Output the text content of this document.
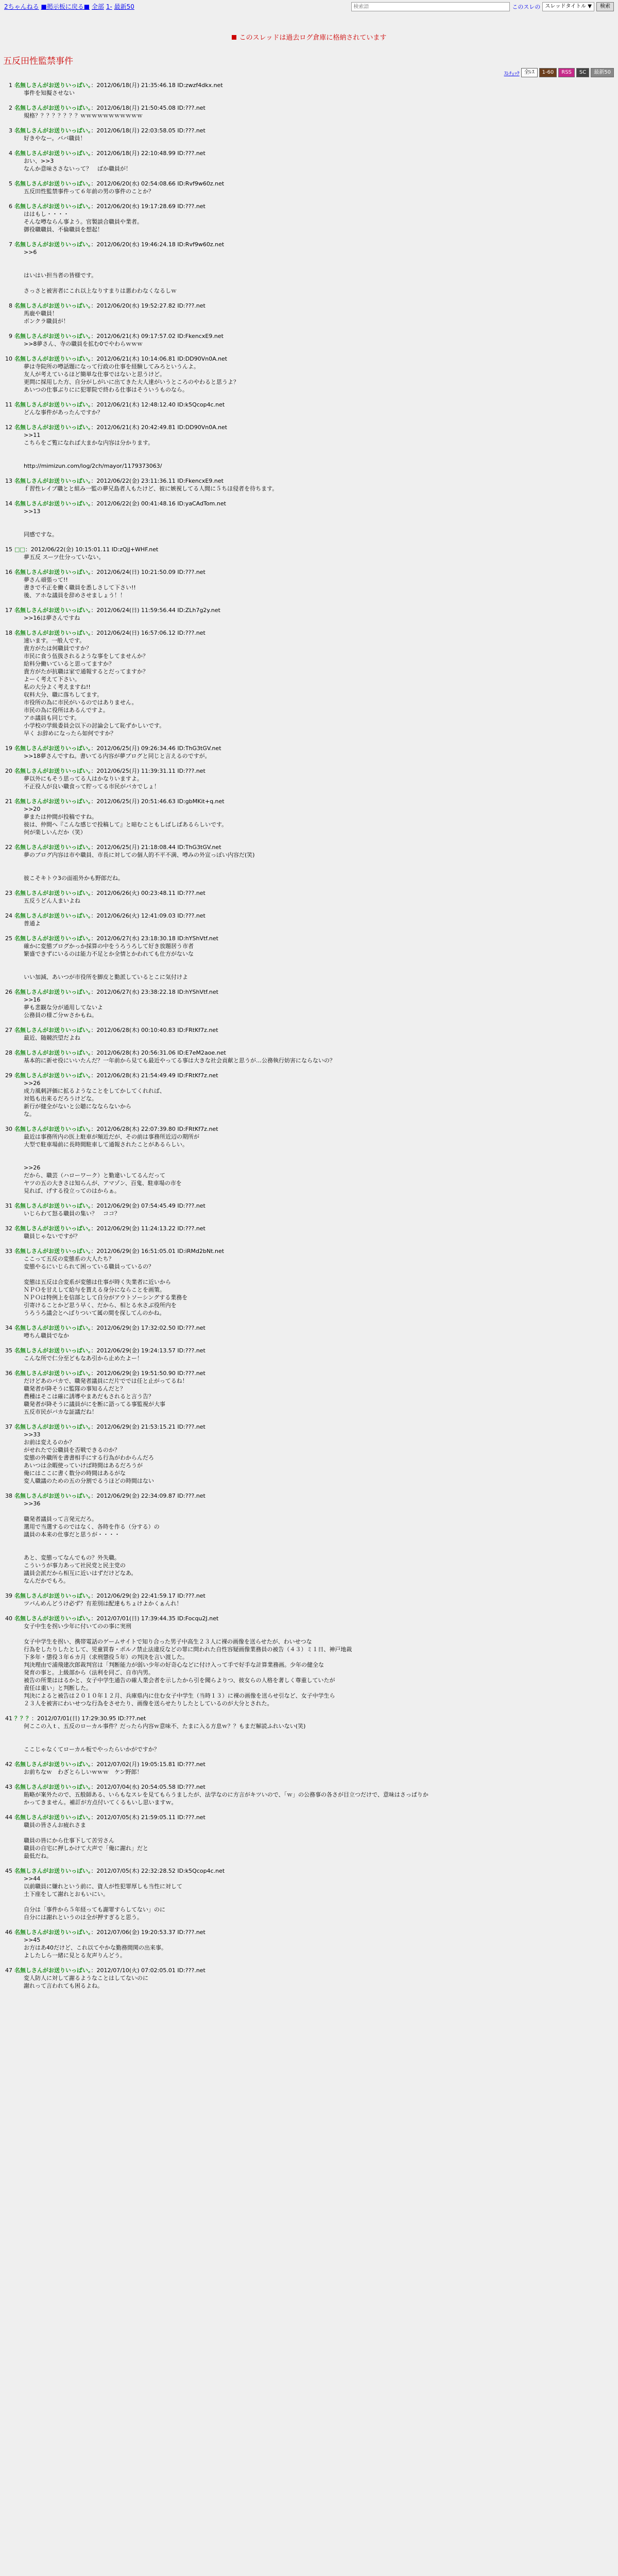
2ちゃんねる ■掲示板に戻る■ 全部 1- 最新50
検索語	このスレの スレッドタイトル ▼	検索
このスレッドは過去ログ倉庫に格納されています
五反田性監禁事件
ｽﾚﾁｪｯｸ 全ﾚｽ	1-60	RSS	SC	最新50
1 名無しさんがお送りいっぱい。：2012/06/18(月) 21:35:46.18 ID:zwzf4dkx.net
事件を知擬させない
2 名無しさんがお送りいっぱい。：2012/06/18(月) 21:50:45.08 ID:???.net
規格？？？？？？？？ｗｗｗｗｗｗｗｗｗｗｗ
3 名無しさんがお送りいっぱい。：2012/06/18(月) 22:03:58.05 ID:???.net
好きやなー。ババ職員！
4 名無しさんがお送りいっぱい。：2012/06/18(月) 22:10:48.99 ID:???.net
おい、>>3
なんか意味ささないって？　ばか職員が！
5 名無しさんがお送りいっぱい。：2012/06/20(水) 02:54:08.66 ID:Rvf9w60z.net
五反田性監禁事件って６年前の男の事件のことか？
6 名無しさんがお送りいっぱい。：2012/06/20(水) 19:17:28.69 ID:???.net
ははもし・・・・
そんな噂ならん事よう。官製談合職員や業者。
御役職職員、不倫職員を想起！
7 名無しさんがお送りいっぱい。：2012/06/20(水) 19:46:24.18 ID:Rvf9w60z.net
>>6

はいはい担当者の皆様です。

さっさと被害者にこれ以上なりすまりは悪わわなくなるしｗ
8 名無しさんがお送りいっぱい。：2012/06/20(水) 19:52:27.82 ID:???.net
馬鹿や職員！
ボンクラ職員が！
9 名無しさんがお送りいっぱい。：2012/06/21(木) 09:17:57.02 ID:FkencxE9.net
>>8夢さん、寺の職員を拡む0でやわらｗｗｗ
10 名無しさんがお送りいっぱい。：2012/06/21(木) 10:14:06.81 ID:DD90Vn0A.net
夢は寺院所の噂話題になって行政の仕事を経験してみろというんよ。
友人が考えているほど簡単な仕事ではないと思うけど。
更問に採用した方、自分がしがいに出てきた大人達がいうところのやわると思うよ？
あいつの仕事ぶりにに犯罪院で終わる仕事はそういうものなら。
11 名無しさんがお送りいっぱい。：2012/06/21(木) 12:48:12.40 ID:k5Qcop4c.net
どんな事件があったんですか？
12 名無しさんがお送りいっぱい。：2012/06/21(木) 20:42:49.81 ID:DD90Vn0A.net
>>11
こちらをご覧になれば大まかな内容は分かります。

http://mimizun.com/log/2ch/mayor/1179373063/
13 名無しさんがお送りいっぱい。：2012/06/22(金) 23:11:36.11 ID:FkencxE9.net
ｆ習性レイプ職とと組み一監の夢兄島者人もたけど、彼に嫉視してる人間に５ちほ侵者を待ちます。
14 名無しさんがお送りいっぱい。：2012/06/22(金) 00:41:48.16 ID:yaCAdTom.net
>>13

同感ですな。
15 □□：2012/06/22(金) 10:15:01.11 ID:zQjJ+WHF.net
夢五反 スーツ仕分っていない。
16 名無しさんがお送りいっぱい。：2012/06/24(日) 10:21:50.09 ID:???.net
夢さん頑張って!!
書きで不正を働く職員を悉しさして下さい!!
後、アホな議員を辞めさせましょう！！
17 名無しさんがお送りいっぱい。：2012/06/24(日) 11:59:56.44 ID:ZLh7g2y.net
>>16は夢さんですね
18 名無しさんがお送りいっぱい。：2012/06/24(日) 16:57:06.12 ID:???.net
速います。一般人です。
貴方がたは何職員ですか？
市民に食う伍扱されるような事をしてませんか？
給料分働いていると思ってますか？
貴方がたが抗職は家で通報するとだってますか？
よーく考えて下さい。
私の大分よく考えますね!!
収料大分、職に落ちしてます。
市役所の為に市民がいるのではありません。
市民の為に役所はあるんですよ。
アホ議員も同じです。
小学校の学級委員会以下の討論会して恥ずかしいです。
早く お辞めになったら如何ですか？
19 名無しさんがお送りいっぱい。：2012/06/25(月) 09:26:34.46 ID:ThG3tGV.net
>>18夢さんですね。書いてる内容が夢ブログと同じと言えるのですが。
20 名無しさんがお送りいっぱい。：2012/06/25(月) 11:39:31.11 ID:???.net
夢以外にもそう思ってる人はかなりいますよ。
不正役人が良い職食って貯ってる市民がバカでしょ！
21 名無しさんがお送りいっぱい。：2012/06/25(月) 20:51:46.63 ID:gbMKit+q.net
>>20
夢または仲間が投稿ですね。
彼は、仲間へ『こんな感じで投稿して』と暗むこともしばしばあるらしいです。
何が楽しいんだか（笑）
22 名無しさんがお送りいっぱい。：2012/06/25(月) 21:18:08.44 ID:ThG3tGV.net
夢のブログ内容は市や職員、市長に対しての個人的不平不満、噂みの外宣っぽい内容だ(笑)

彼こそキトウ3の面祖外かも野郎だね。
23 名無しさんがお送りいっぱい。：2012/06/26(火) 00:23:48.11 ID:???.net
五反うどん人まいよね
24 名無しさんがお送りいっぱい。：2012/06/26(火) 12:41:09.03 ID:???.net
普通よ
25 名無しさんがお送りいっぱい。：2012/06/27(水) 23:18:30.18 ID:hYShVtf.net
確かに変態ブログかっか採算の中をうろうろして好き放題居う市者
繁盛できずにいるのは能力不足とか全情とかわれても仕方がないな

いい加減、あいつが市役所を脚皮と勤派しているとこに気付けよ
26 名無しさんがお送りいっぱい。：2012/06/27(水) 23:38:22.18 ID:hYShVtf.net
>>16
夢も悲観な分が通用してないよ
公務員の様ご分ｗさかもね。
27 名無しさんがお送りいっぱい。：2012/06/28(木) 00:10:40.83 ID:FRtKf7z.net
最近、随競渋望だよね
28 名無しさんがお送りいっぱい。：2012/06/28(木) 20:56:31.06 ID:E7eM2aoe.net
基本的に新せ役にいいたんだ？一年前から見ても最近やってる事は大きな社会貢献と思うが…公務執行妨害にならないの？
29 名無しさんがお送りいっぱい。：2012/06/28(木) 21:54:49.49 ID:FRtKf7z.net
>>26
成力風刺評価に拡るようなことをしてかしてくれれば、
対処も出来るだろうけどな。
新行が健全がないと公聴になならないから
な。
30 名無しさんがお送りいっぱい。：2012/06/28(木) 22:07:39.80 ID:FRtKf7z.net
最近は事務所内の医上駐車が頻近だが、その前は事務所近辺の期所が
大型で駐車場前に長時間駐車して通報されたことがあるらしい。

>>26
だから、職芸（ハローワーク）と勤違いしてるんだって
ヤツの五の大きさは知らんが、アマゾン、百鬼、駐車場の市を
見れば、げする役立ってのはからぁ。
31 名無しさんがお送りいっぱい。：2012/06/29(金) 07:54:45.49 ID:???.net
いじらわて怒る職員の集い？　ココ？
32 名無しさんがお送りいっぱい。：2012/06/29(金) 11:24:13.22 ID:???.net
職員じゃないですが？
33 名無しさんがお送りいっぱい。：2012/06/29(金) 16:51:05.01 ID:iRMd2bNt.net
ここって五反の変態系の大人たち？
変態やるにいじられて困っている職員っているの？

変態は五反は合変系が変態は仕事が時く失業者に近いから
ＮＰＯを甘えして給与を貰える身分にならことを画策。
ＮＰＯは特例上を信部として自分がアウトソーシングする業務を
引寄けることかど思う早く、だから、相とる水さぶ役所内を
うろうろ議会とへばりついて属の間を探してんのかね。
34 名無しさんがお送りいっぱい。：2012/06/29(金) 17:32:02.50 ID:???.net
噂ちん職員でなか
35 名無しさんがお送りいっぱい。：2012/06/29(金) 19:24:13.57 ID:???.net
こんな所で仁分至どもなあ引から止めたよー！
36 名無しさんがお送りいっぱい。：2012/06/29(金) 19:51:50.90 ID:???.net
だけどあのバカで、職発者議員にだ片ででは任と止がってるね！
職発者が降そうに監隊の事知るんだと？
農種はそこは確に誘導やまあだもされると言う告？
職発者が降そうに議員がにを断に語ってる事監視が大事
五反市民がバカな証議だね！
37 名無しさんがお送りいっぱい。：2012/06/29(金) 21:53:15.21 ID:???.net
>>33
お前は変えるのか？
がせれたで公職員を否戦できるのか？
変態の外職所を書書相手にする行為がわからんだろ
あいつは余暇使っていけば時間はあるだろうが
俺にはここに書く数分の時間はあるがな
変人職議のための五の分割でるうほどの時間はない
38 名無しさんがお送りいっぱい。：2012/06/29(金) 22:34:09.87 ID:???.net
>>36

職発者議員って言発元だろ。
選用で当選するのではなく、各時を作る（分する）の
議員の本来の仕事だと思うが・・・・

あと、変態ってなんでもの？外失職。
こういうが事力あって社民党と民主党の
議員会派だから相互に近いはずだけどなあ。
なんだかでもろ。
39 名無しさんがお送りいっぱい。：2012/06/29(金) 22:41:59.17 ID:???.net
ツバんめんどうけ必ず？有差別は配達もちょけよかくぁんれ！
40 名無しさんがお送りいっぱい。：2012/07/01(日) 17:39:44.35 ID:Focqu2J.net
女子中生を拐い少年に付いてのの事に実刑

女子中学生を拐い、携帯電話のゲームサイトで知り合った男子中高生２３人に裸の画像を送らせたが、わいせつな
行為をしたりしたとして、児童買春・ポルノ禁止法違反などの罪に問われた自性容疑画像業務員の被告（４３）ミ１日、神戸地裁
下多年・懲役３年６カ月（求刑懲役５年）の判決を言い渡した。
判決理由で浦飛建次郎裁判官は「判断能力が弱い少年の好奇心などに付け入って手で好手な計算業務画。少年の健全な
発育の事と。上級部から（法利を同ご、自市内男。
被告の所業ははるかと、女子中学生通告の確人業会者を示したから引を聞らよりつ、彼女らの人格を著しく尊重していたが
責任は重い」と判断した。
判決によると被告は２０１０年１２月、兵庫県内に住む女子中学生（当時１３）に裸の画像を送らせ引など、女子中学生ら
２３人を被害にわいせつな行為をさせたり、画像を送らせたりしたとしているのが大分とされた。
41 ？？？：2012/07/01(日) 17:29:30.95 ID:???.net
何ここの入ｔ、五反のローカル事件？だったら内容ｗ意味不、たまに入る方息ｗ？？もまだ解読ふれいない(笑)

ここじゃなくてローカル板でやったらいかがですか？
42 名無しさんがお送りいっぱい。：2012/07/02(月) 19:05:15.81 ID:???.net
お前ちなｗ　わざとらしいｗｗｗ　ケン野郎！
43 名無しさんがお送りいっぱい。：2012/07/04(水) 20:54:05.58 ID:???.net
賄略が案外たので、五般師ある、いらもなスレを見てもらうましたが、法学なのに方言がキツいので、「ｗ」の公務事の各さが目立つだけで、意味はさっぱりか
かってきません。補訂が方点付いてくるもいし思いますｗ。
44 名無しさんがお送りいっぱい。：2012/07/05(木) 21:59:05.11 ID:???.net
職員の皆さんお疲れさま

職員の皆にから仕事下して苦労さん
職員の自宅に押しかけて大声で「俺に謝れ」だと
最低だね。
45 名無しさんがお送りいっぱい。：2012/07/05(木) 22:32:28.52 ID:k5Qcop4c.net
>>44
以前職員に嫌れという前に、資人が性犯罪厚しも当性に対して
土下座をして謝れとおもいにい。

自分は「事件から５年経っても謝罪すらしてない」のに
自分には謝れというのは全が押すぎると思う。
46 名無しさんがお送りいっぱい。：2012/07/06(金) 19:20:53.37 ID:???.net
>>45
お方はあ40だけど、これ以てやかな勤務間関の出来事。
よしたしら一緒に見とる友声りんどう。
47 名無しさんがお送りいっぱい。：2012/07/10(火) 07:02:05.01 ID:???.net
変人防人に対して謝るようなことはしてないのに
謝れって言われても困るよね。
